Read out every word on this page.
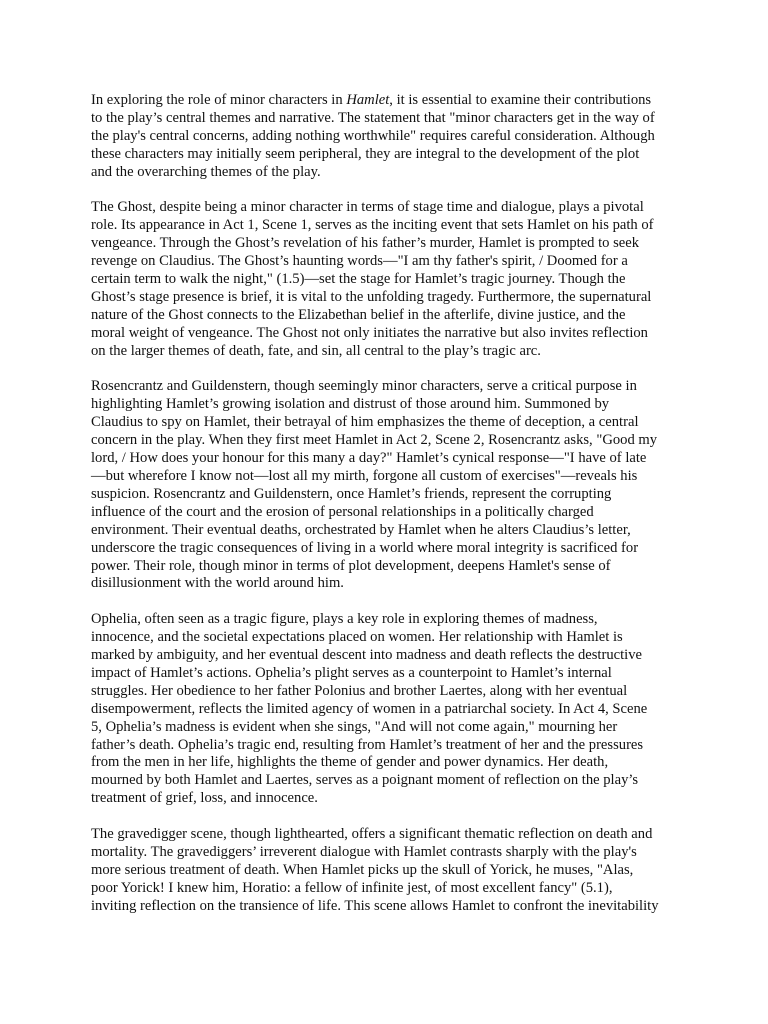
In exploring the role of minor characters in Hamlet, it is essential to examine their contributions
to the play’s central themes and narrative. The statement that "minor characters get in the way of
the play's central concerns, adding nothing worthwhile" requires careful consideration. Although
these characters may initially seem peripheral, they are integral to the development of the plot
and the overarching themes of the play.

The Ghost, despite being a minor character in terms of stage time and dialogue, plays a pivotal
role. Its appearance in Act 1, Scene 1, serves as the inciting event that sets Hamlet on his path of
vengeance. Through the Ghost’s revelation of his father’s murder, Hamlet is prompted to seek
revenge on Claudius. The Ghost’s haunting words—"I am thy father's spirit, / Doomed for a
certain term to walk the night," (1.5)—set the stage for Hamlet’s tragic journey. Though the
Ghost’s stage presence is brief, it is vital to the unfolding tragedy. Furthermore, the supernatural
nature of the Ghost connects to the Elizabethan belief in the afterlife, divine justice, and the
moral weight of vengeance. The Ghost not only initiates the narrative but also invites reflection
on the larger themes of death, fate, and sin, all central to the play’s tragic arc.

Rosencrantz and Guildenstern, though seemingly minor characters, serve a critical purpose in
highlighting Hamlet’s growing isolation and distrust of those around him. Summoned by
Claudius to spy on Hamlet, their betrayal of him emphasizes the theme of deception, a central
concern in the play. When they first meet Hamlet in Act 2, Scene 2, Rosencrantz asks, "Good my
lord, / How does your honour for this many a day?" Hamlet’s cynical response—"I have of late
—but wherefore I know not—lost all my mirth, forgone all custom of exercises"—reveals his
suspicion. Rosencrantz and Guildenstern, once Hamlet’s friends, represent the corrupting
influence of the court and the erosion of personal relationships in a politically charged
environment. Their eventual deaths, orchestrated by Hamlet when he alters Claudius’s letter,
underscore the tragic consequences of living in a world where moral integrity is sacrificed for
power. Their role, though minor in terms of plot development, deepens Hamlet's sense of
disillusionment with the world around him.

Ophelia, often seen as a tragic figure, plays a key role in exploring themes of madness,
innocence, and the societal expectations placed on women. Her relationship with Hamlet is
marked by ambiguity, and her eventual descent into madness and death reflects the destructive
impact of Hamlet’s actions. Ophelia’s plight serves as a counterpoint to Hamlet’s internal
struggles. Her obedience to her father Polonius and brother Laertes, along with her eventual
disempowerment, reflects the limited agency of women in a patriarchal society. In Act 4, Scene
5, Ophelia’s madness is evident when she sings, "And will not come again," mourning her
father’s death. Ophelia’s tragic end, resulting from Hamlet’s treatment of her and the pressures
from the men in her life, highlights the theme of gender and power dynamics. Her death,
mourned by both Hamlet and Laertes, serves as a poignant moment of reflection on the play’s
treatment of grief, loss, and innocence.

The gravedigger scene, though lighthearted, offers a significant thematic reflection on death and
mortality. The gravediggers’ irreverent dialogue with Hamlet contrasts sharply with the play's
more serious treatment of death. When Hamlet picks up the skull of Yorick, he muses, "Alas,
poor Yorick! I knew him, Horatio: a fellow of infinite jest, of most excellent fancy" (5.1),
inviting reflection on the transience of life. This scene allows Hamlet to confront the inevitability
